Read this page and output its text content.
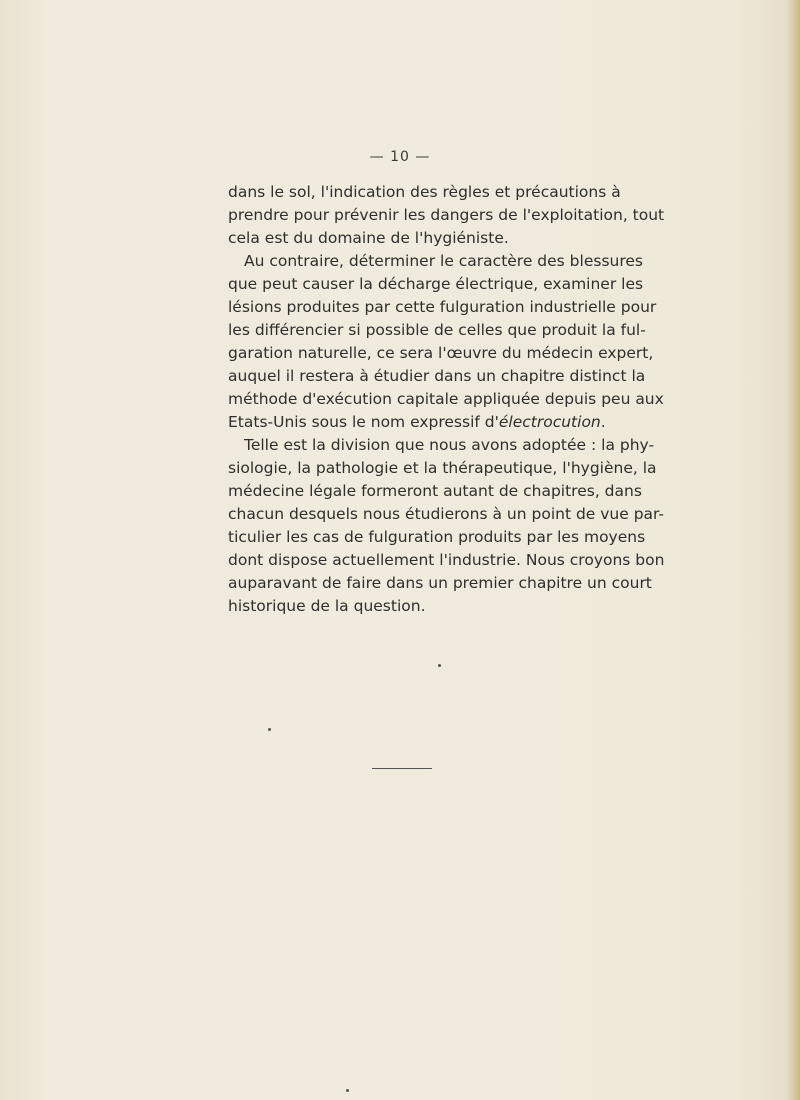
— 10 —

dans le sol, l'indication des règles et précautions à
prendre pour prévenir les dangers de l'exploitation, tout
cela est du domaine de l'hygiéniste.

Au contraire, déterminer le caractère des blessures
que peut causer la décharge électrique, examiner les
lésions produites par cette fulguration industrielle pour
les différencier si possible de celles que produit la ful-
garation naturelle, ce sera l'œuvre du médecin expert,
auquel il restera à étudier dans un chapitre distinct la
méthode d'exécution capitale appliquée depuis peu aux
Etats-Unis sous le nom expressif d'électrocution.

Telle est la division que nous avons adoptée : la phy-
siologie, la pathologie et la thérapeutique, l'hygiène, la
médecine légale formeront autant de chapitres, dans
chacun desquels nous étudierons à un point de vue par-
ticulier les cas de fulguration produits par les moyens
dont dispose actuellement l'industrie. Nous croyons bon
auparavant de faire dans un premier chapitre un court
historique de la question.
